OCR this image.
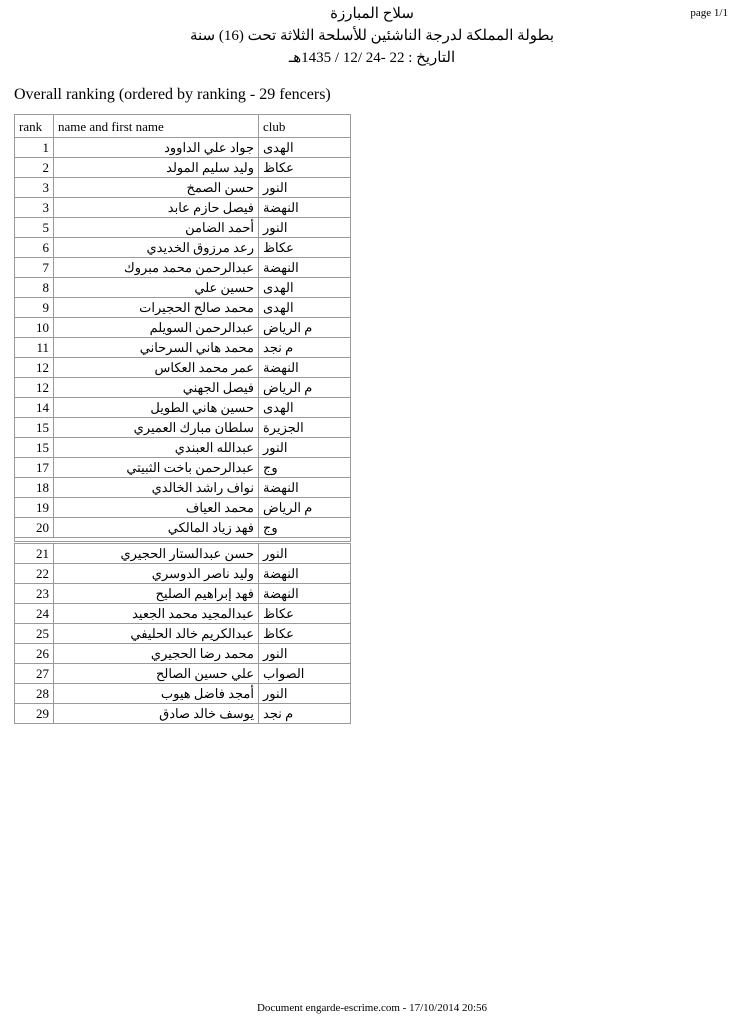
page 1/1
سلاح المبارزة
بطولة المملكة لدرجة الناشئين للأسلحة الثلاثة تحت (16) سنة
التاريخ : 22 -24 /12 / 1435هـ
Overall ranking (ordered by ranking - 29 fencers)
rank	name and first name	club
1	جواد علي الداوود	الهدى
2	وليد سليم المولد	عكاظ
3	حسن الصمخ	النور
3	فيصل حازم عابد	النهضة
5	أحمد الضامن	النور
6	رعد مرزوق الخديدي	عكاظ
7	عبدالرحمن محمد مبروك	النهضة
8	حسين علي	الهدى
9	محمد صالح الحجيرات	الهدى
10	عبدالرحمن السويلم	م الرياض
11	محمد هاني السرحاني	م نجد
12	عمر محمد العكاس	النهضة
12	فيصل الجهني	م الرياض
14	حسين هاني الطويل	الهدى
15	سلطان مبارك العميري	الجزيرة
15	عبدالله العبندي	النور
17	عبدالرحمن باخت الثبيتي	وج
18	نواف راشد الخالدي	النهضة
19	محمد العياف	م الرياض
20	فهد زياد المالكي	وج

21	حسن عبدالستار الحجيري	النور
22	وليد ناصر الدوسري	النهضة
23	فهد إبراهيم الصليح	النهضة
24	عبدالمجيد محمد الجعيد	عكاظ
25	عبدالكريم خالد الحليفي	عكاظ
26	محمد رضا الحجيري	النور
27	علي حسين الصالح	الصواب
28	أمجد فاضل هيوب	النور
29	يوسف خالد صادق	م نجد
Document engarde-escrime.com - 17/10/2014 20:56
